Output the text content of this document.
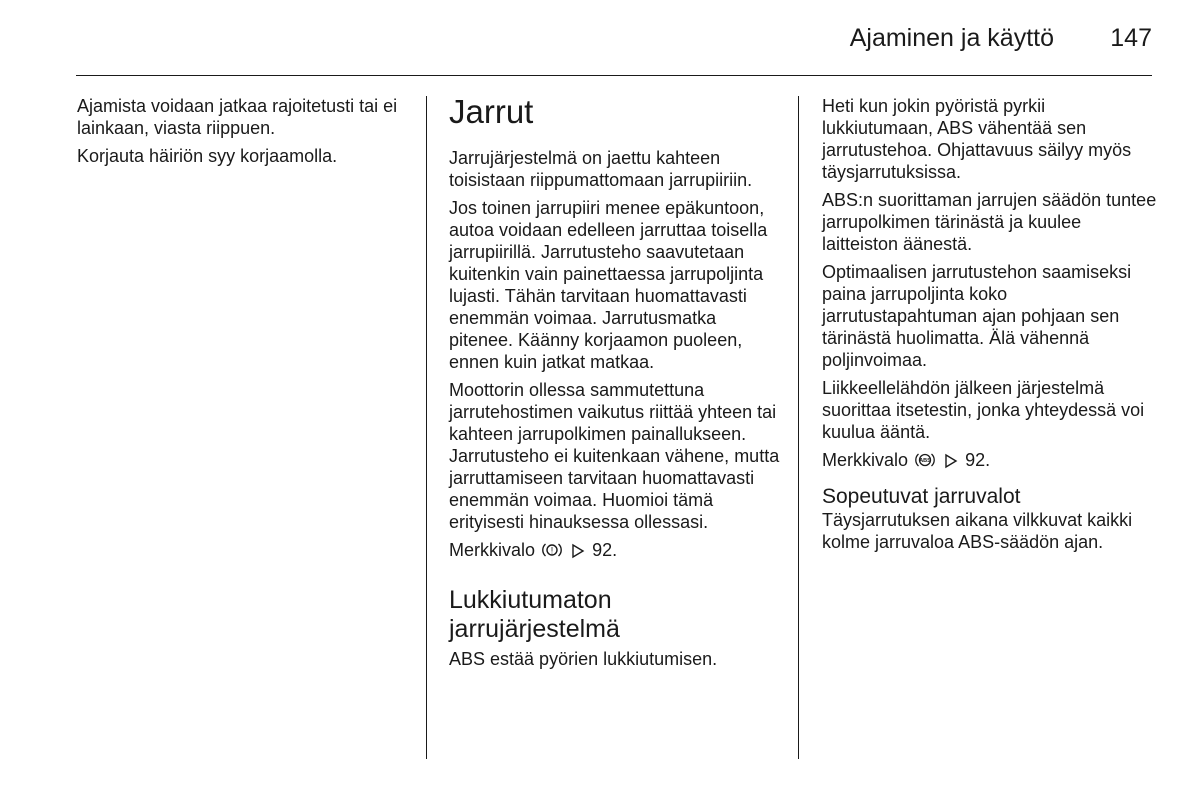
Ajaminen ja käyttö 147

Ajamista voidaan jatkaa rajoitetusti tai ei lainkaan, viasta riippuen.

Korjauta häiriön syy korjaamolla.

Jarrut

Jarrujärjestelmä on jaettu kahteen toisistaan riippumattomaan jarrupiiriin.

Jos toinen jarrupiiri menee epäkuntoon, autoa voidaan edelleen jarruttaa toisella jarrupiirillä. Jarrutusteho saavutetaan kuitenkin vain painettaessa jarrupoljinta lujasti. Tähän tarvitaan huomattavasti enemmän voimaa. Jarrutusmatka pitenee. Käänny korjaamon puoleen, ennen kuin jatkat matkaa.

Moottorin ollessa sammutettuna jarrutehostimen vaikutus riittää yhteen tai kahteen jarrupolkimen painallukseen. Jarrutusteho ei kuitenkaan vähene, mutta jarruttamiseen tarvitaan huomattavasti enemmän voimaa. Huomioi tämä erityisesti hinauksessa ollessasi.

Merkkivalo ! 92.

Lukkiutumaton jarrujärjestelmä

ABS estää pyörien lukkiutumisen.

Heti kun jokin pyöristä pyrkii lukkiutumaan, ABS vähentää sen jarrutustehoa. Ohjattavuus säilyy myös täysjarrutuksissa.

ABS:n suorittaman jarrujen säädön tuntee jarrupolkimen tärinästä ja kuulee laitteiston äänestä.

Optimaalisen jarrutustehon saamiseksi paina jarrupoljinta koko jarrutustapahtuman ajan pohjaan sen tärinästä huolimatta. Älä vähennä poljinvoimaa.

Liikkeellelähdön jälkeen järjestelmä suorittaa itsetestin, jonka yhteydessä voi kuulua ääntä.

Merkkivalo ABS 92.

Sopeutuvat jarruvalot

Täysjarrutuksen aikana vilkkuvat kaikki kolme jarruvaloa ABS-säädön ajan.
